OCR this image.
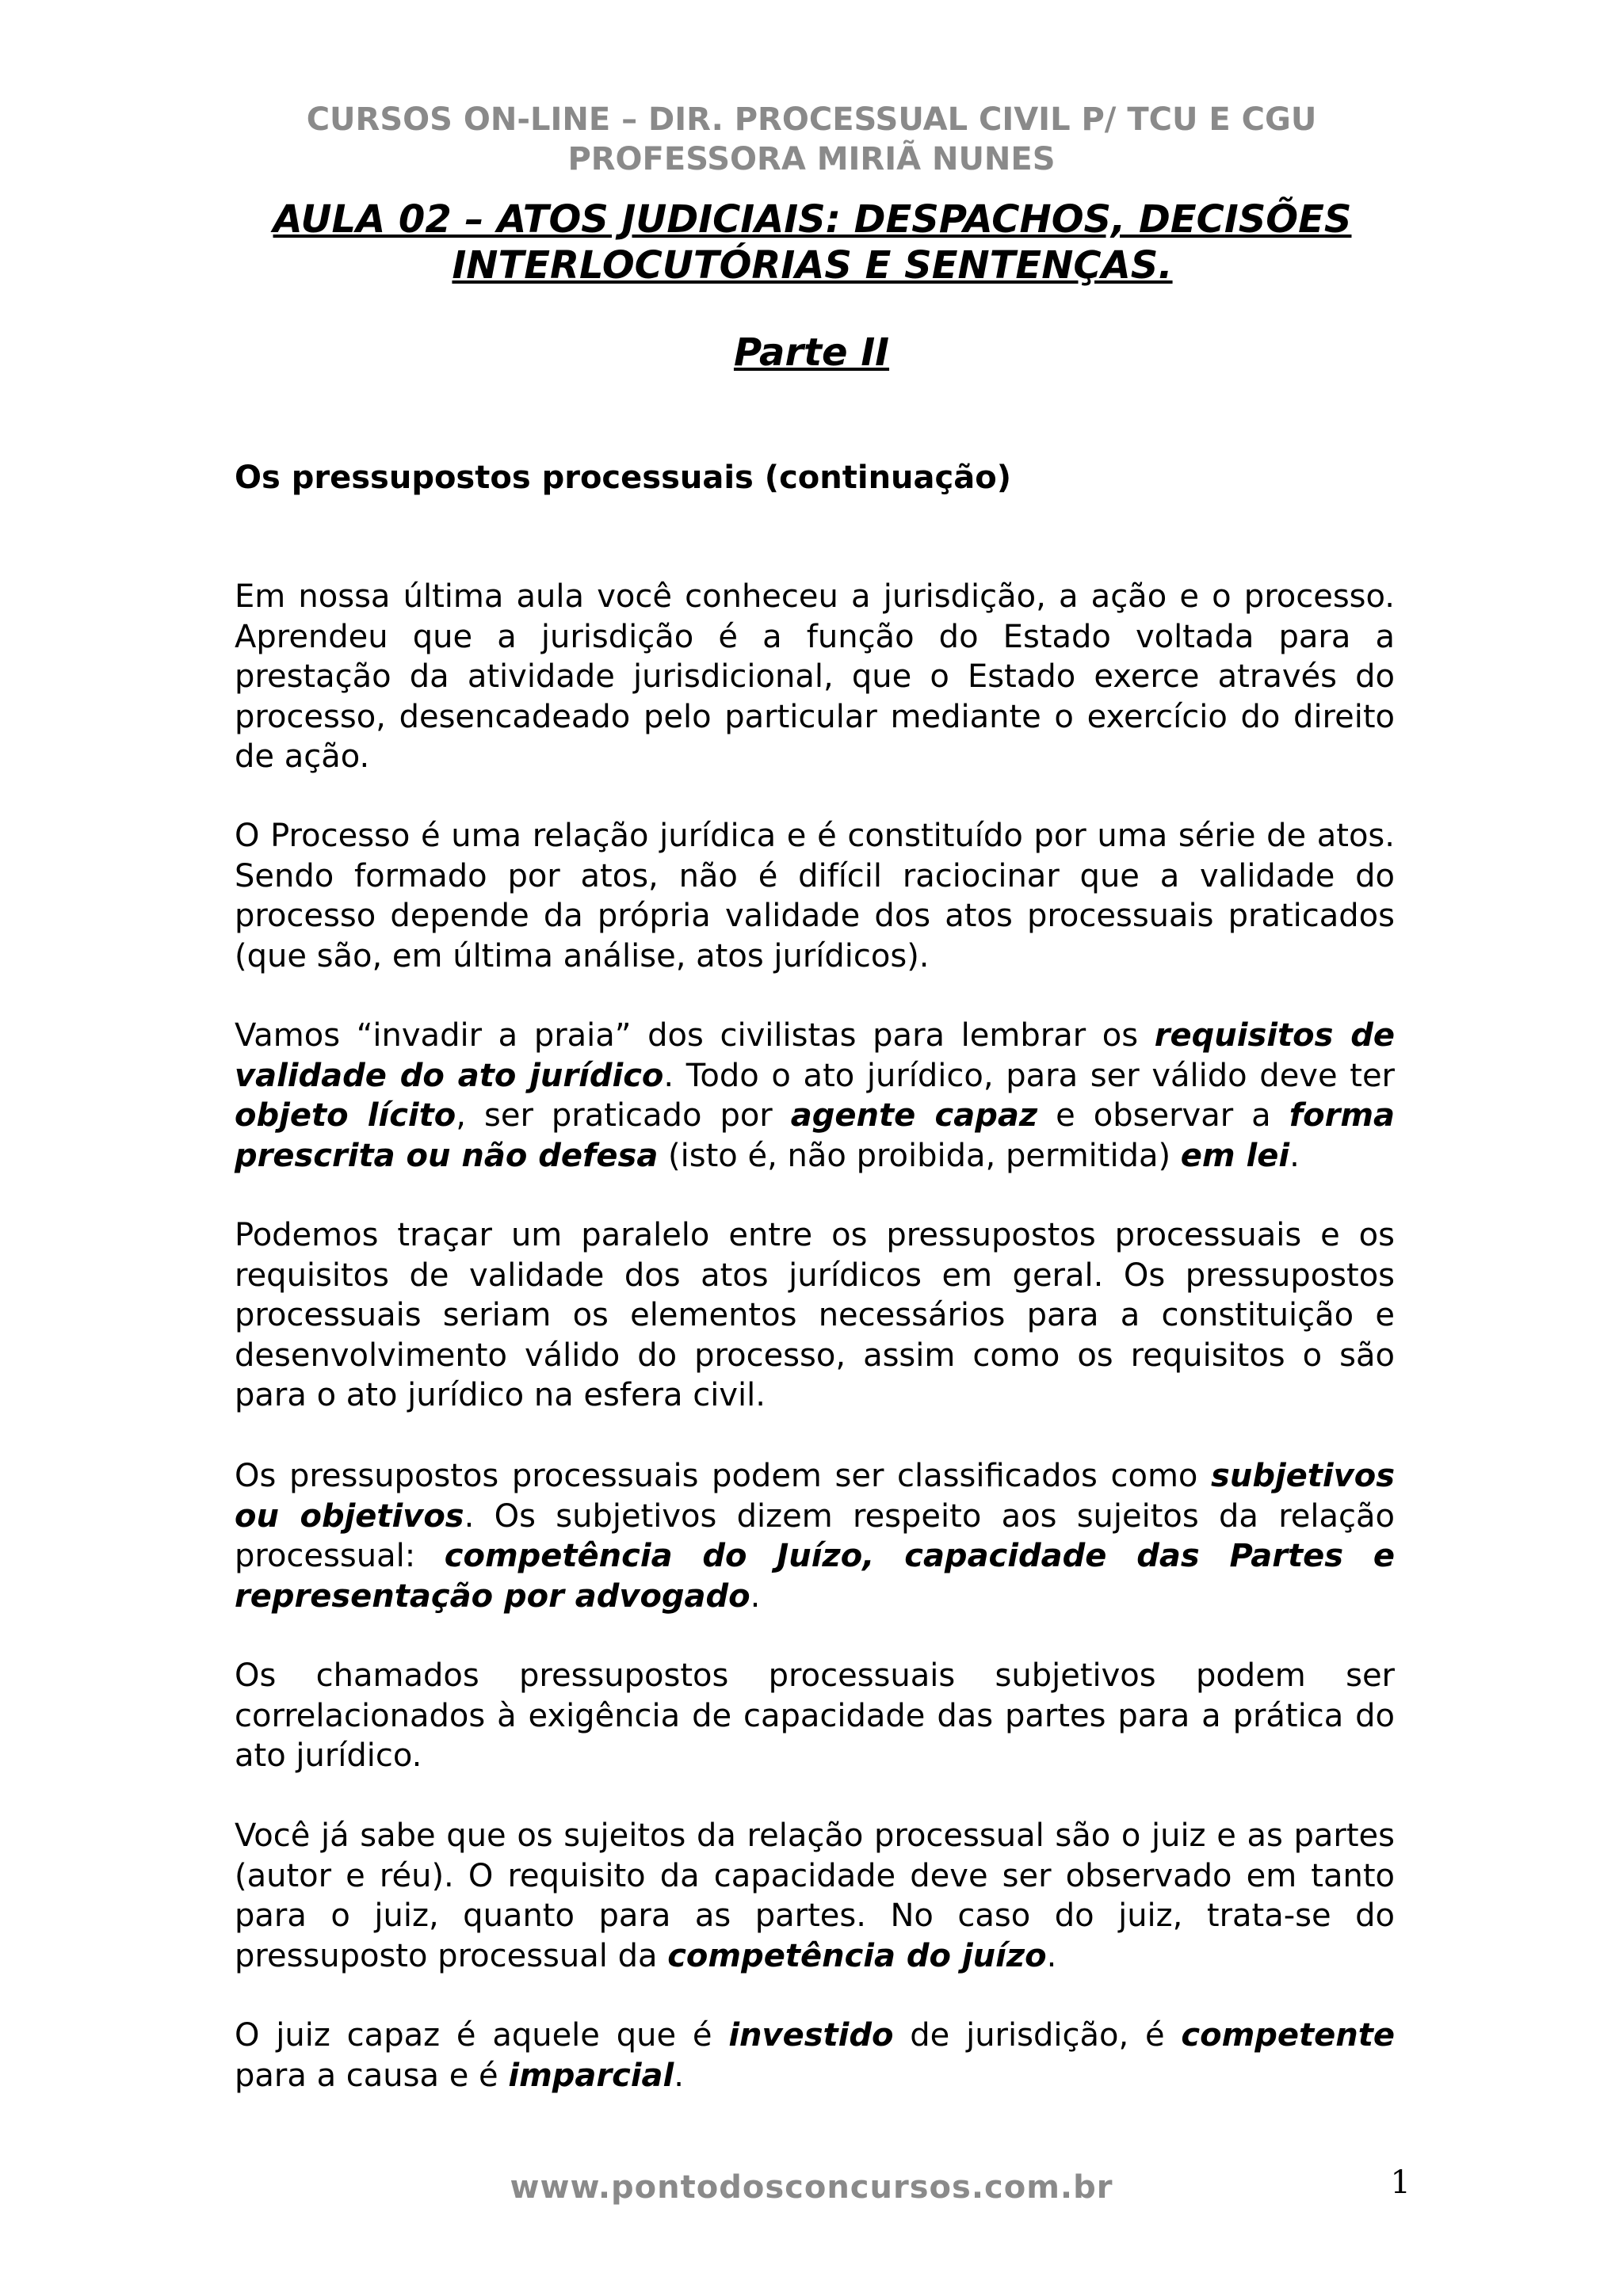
CURSOS ON-LINE – DIR. PROCESSUAL CIVIL P/ TCU E CGU
PROFESSORA MIRIÃ NUNES
AULA 02 – ATOS JUDICIAIS: DESPACHOS, DECISÕES
INTERLOCUTÓRIAS E SENTENÇAS.
Parte II
Os pressupostos processuais (continuação)
Em nossa última aula você conheceu a jurisdição, a ação e o processo. Aprendeu que a jurisdição é a função do Estado voltada para a prestação da atividade jurisdicional, que o Estado exerce através do processo, desencadeado pelo particular mediante o exercício do direito de ação.
O Processo é uma relação jurídica e é constituído por uma série de atos. Sendo formado por atos, não é difícil raciocinar que a validade do processo depende da própria validade dos atos processuais praticados (que são, em última análise, atos jurídicos).
Vamos “invadir a praia” dos civilistas para lembrar os requisitos de validade do ato jurídico. Todo o ato jurídico, para ser válido deve ter objeto lícito, ser praticado por agente capaz e observar a forma prescrita ou não defesa (isto é, não proibida, permitida) em lei.
Podemos traçar um paralelo entre os pressupostos processuais e os requisitos de validade dos atos jurídicos em geral. Os pressupostos processuais seriam os elementos necessários para a constituição e desenvolvimento válido do processo, assim como os requisitos o são para o ato jurídico na esfera civil.
Os pressupostos processuais podem ser classificados como subjetivos ou objetivos. Os subjetivos dizem respeito aos sujeitos da relação processual: competência do Juízo, capacidade das Partes e representação por advogado.
Os chamados pressupostos processuais subjetivos podem ser correlacionados à exigência de capacidade das partes para a prática do ato jurídico.
Você já sabe que os sujeitos da relação processual são o juiz e as partes (autor e réu). O requisito da capacidade deve ser observado em tanto para o juiz, quanto para as partes. No caso do juiz, trata-se do pressuposto processual da competência do juízo.
O juiz capaz é aquele que é investido de jurisdição, é competente para a causa e é imparcial.
www.pontodosconcursos.com.br	1
